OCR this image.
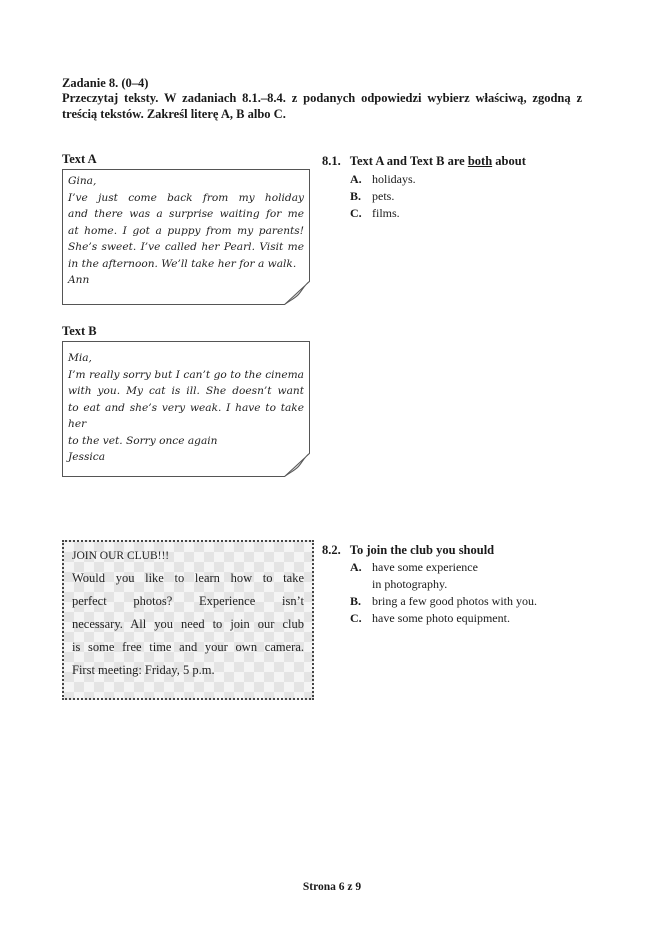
Zadanie 8. (0–4)
Przeczytaj teksty. W zadaniach 8.1.–8.4. z podanych odpowiedzi wybierz właściwą, zgodną z treścią tekstów. Zakreśl literę A, B albo C.
Text A
Gina,
I’ve just come back from my holiday
and there was a surprise waiting for me
at home. I got a puppy from my parents!
She’s sweet. I’ve called her Pearl. Visit me
in the afternoon. We’ll take her for a walk.
Ann
Text B
Mia,
I’m really sorry but I can’t go to the cinema
with you. My cat is ill. She doesn’t want
to eat and she’s very weak. I have to take her
to the vet. Sorry once again
Jessica
8.1. Text A and Text B are both about
A. holidays.
B. pets.
C. films.
JOIN OUR CLUB!!!
Would you like to learn how to take
perfect photos? Experience isn’t
necessary. All you need to join our club
is some free time and your own camera.
First meeting: Friday, 5 p.m.
8.2. To join the club you should
A. have some experience
in photography.
B. bring a few good photos with you.
C. have some photo equipment.
Strona 6 z 9
